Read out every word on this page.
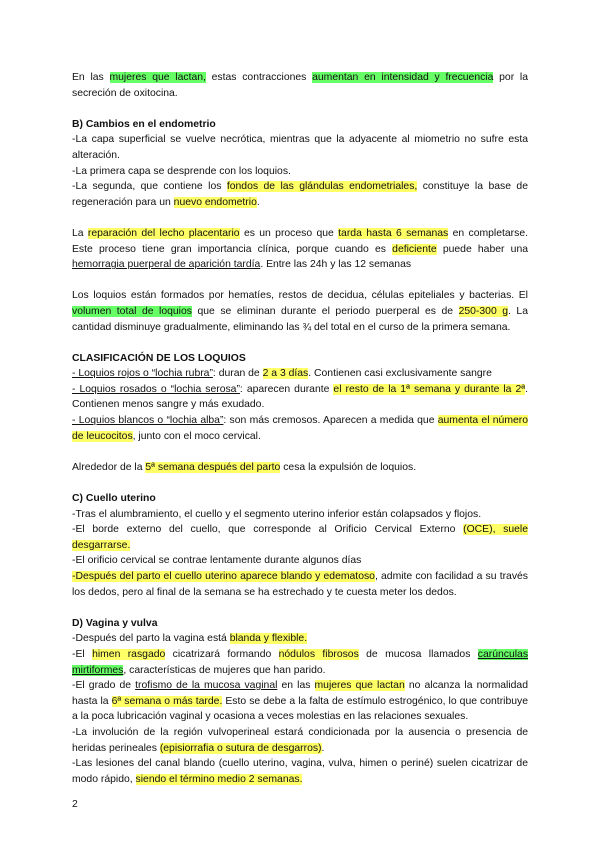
En las mujeres que lactan, estas contracciones aumentan en intensidad y frecuencia por la secreción de oxitocina.

B) Cambios en el endometrio

-La capa superficial se vuelve necrótica, mientras que la adyacente al miometrio no sufre esta alteración.

-La primera capa se desprende con los loquios.

-La segunda, que contiene los fondos de las glándulas endometriales, constituye la base de regeneración para un nuevo endometrio.

La reparación del lecho placentario es un proceso que tarda hasta 6 semanas en completarse. Este proceso tiene gran importancia clínica, porque cuando es deficiente puede haber una hemorragia puerperal de aparición tardía. Entre las 24h y las 12 semanas

Los loquios están formados por hematíes, restos de decidua, células epiteliales y bacterias. El volumen total de loquios que se eliminan durante el periodo puerperal es de 250-300 g. La cantidad disminuye gradualmente, eliminando las ¾ del total en el curso de la primera semana.

CLASIFICACIÓN DE LOS LOQUIOS

- Loquios rojos o “lochia rubra”: duran de 2 a 3 días. Contienen casi exclusivamente sangre

- Loquios rosados o “lochia serosa”: aparecen durante el resto de la 1ª semana y durante la 2ª. Contienen menos sangre y más exudado.

- Loquios blancos o “lochia alba”: son más cremosos. Aparecen a medida que aumenta el número de leucocitos, junto con el moco cervical.

Alrededor de la 5ª semana después del parto cesa la expulsión de loquios.

C) Cuello uterino

-Tras el alumbramiento, el cuello y el segmento uterino inferior están colapsados y flojos.

-El borde externo del cuello, que corresponde al Orificio Cervical Externo (OCE), suele desgarrarse.

-El orificio cervical se contrae lentamente durante algunos días

-Después del parto el cuello uterino aparece blando y edematoso, admite con facilidad a su través los dedos, pero al final de la semana se ha estrechado y te cuesta meter los dedos.

D) Vagina y vulva

-Después del parto la vagina está blanda y flexible.

-El himen rasgado cicatrizará formando nódulos fibrosos de mucosa llamados carúnculas mirtiformes, características de mujeres que han parido.

-El grado de trofismo de la mucosa vaginal en las mujeres que lactan no alcanza la normalidad hasta la 6ª semana o más tarde. Esto se debe a la falta de estímulo estrogénico, lo que contribuye a la poca lubricación vaginal y ocasiona a veces molestias en las relaciones sexuales.

-La involución de la región vulvoperineal estará condicionada por la ausencia o presencia de heridas perineales (episiorrafia o sutura de desgarros).

-Las lesiones del canal blando (cuello uterino, vagina, vulva, himen o periné) suelen cicatrizar de modo rápido, siendo el término medio 2 semanas.

2
